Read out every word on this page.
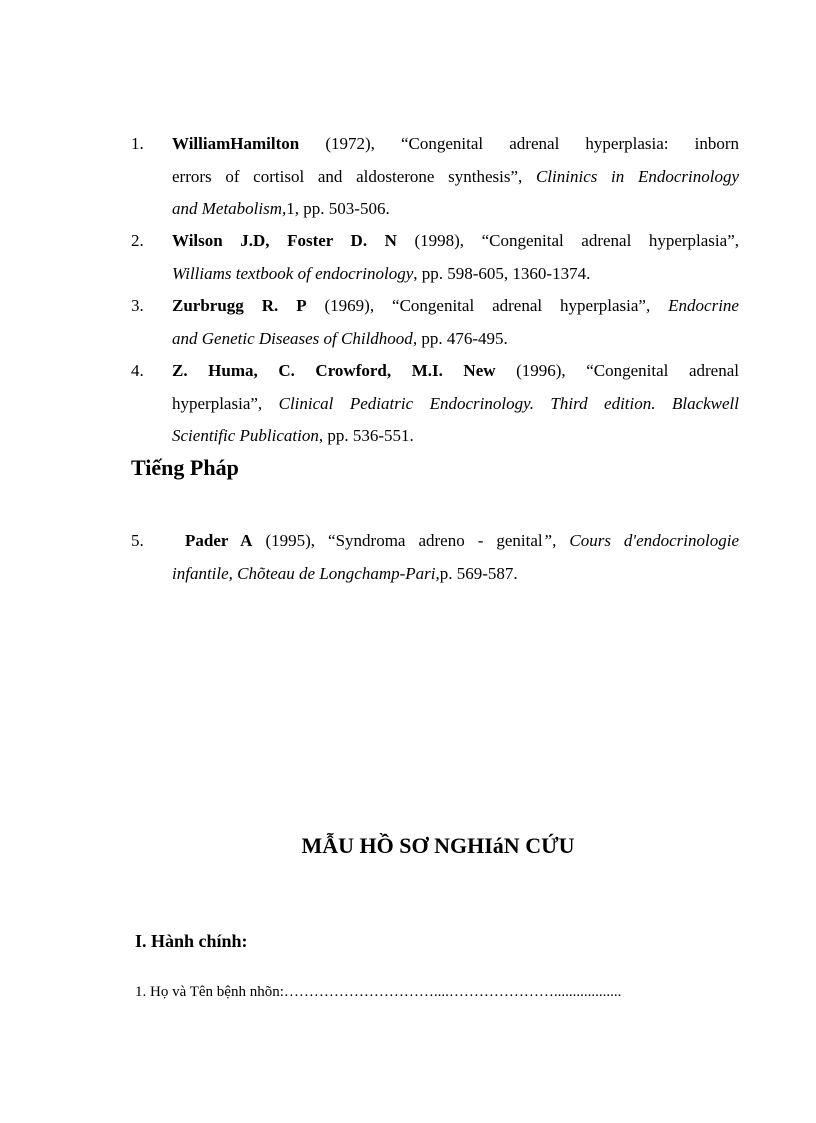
1. WilliamHamilton (1972), “Congenital adrenal hyperplasia: inborn
errors of cortisol and aldosterone synthesis”, Clininics in Endocrinology
and Metabolism,1, pp. 503-506.
2. Wilson J.D, Foster D. N (1998), “Congenital adrenal hyperplasia”,
Williams textbook of endocrinology, pp. 598-605, 1360-1374.
3. Zurbrugg R. P (1969), “Congenital adrenal hyperplasia”, Endocrine
and Genetic Diseases of Childhood, pp. 476-495.
4. Z. Huma, C. Crowford, M.I. New (1996), “Congenital adrenal
hyperplasia”, Clinical Pediatric Endocrinology. Third edition. Blackwell
Scientific Publication, pp. 536-551.
Tiếng Pháp
5.	Pader A (1995), “Syndroma adreno - genital”, Cours d'endocrinologie
infantile, Chõteau de Longchamp-Pari,p. 569-587.
MẪU HỒ SƠ NGHIáN CỨU
I. Hành chính:
1. Họ và Tên bệnh nhõn:…………………………....…………………..................
